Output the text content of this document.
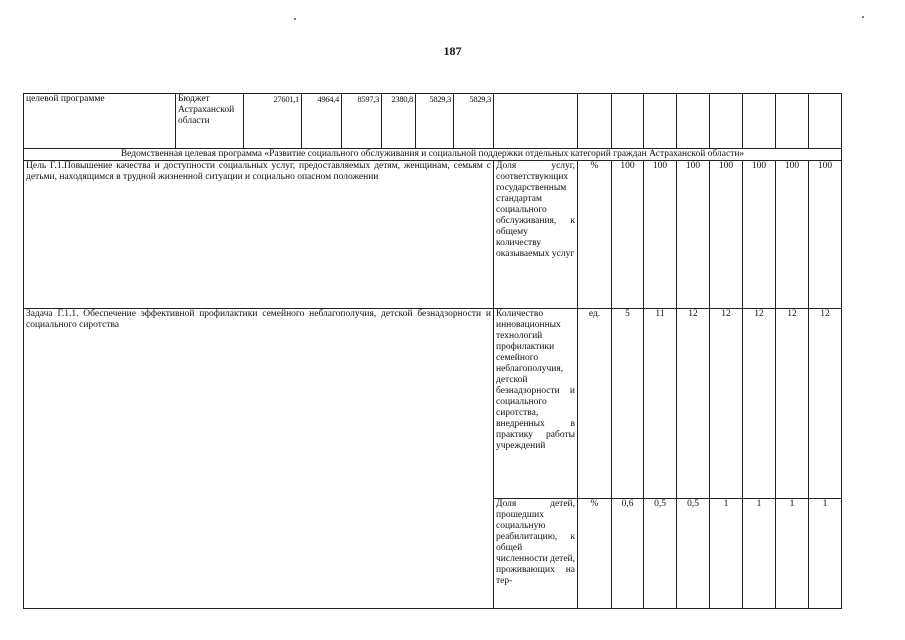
187
целевой программе	Бюджет Астраханской области	27601,1	4964,4	8597,3	2380,8	5829,3	5829,3									
Ведомственная целевая программа «Развитие социального обслуживания и социальной поддержки отдельных категорий граждан Астраханской области»																
Цель Г.1.Повышение качества и доступности социальных услуг, предоставляемых детям, женщинам, семьям с детьми, находящимся в трудной жизненной ситуации и социально опасном положении								Доля услуг, соответствующих государственным стандартам социального обслуживания, к общему количеству оказываемых услуг	%	100	100	100	100	100	100	100
Задача Г.1.1. Обеспечение эффективной профилактики семейного неблагополучия, детской безнадзорности и социального сиротства								Количество инновационных технологий профилактики семейного неблагополучия, детской безнадзорности и социального сиротства, внедренных в практику работы учреждений	ед.	5	11	12	12	12	12	12
								Доля детей, прошедших социальную реабилитацию, к общей численности детей, проживающих на тер-	%	0,6	0,5	0,5	1	1	1	1
